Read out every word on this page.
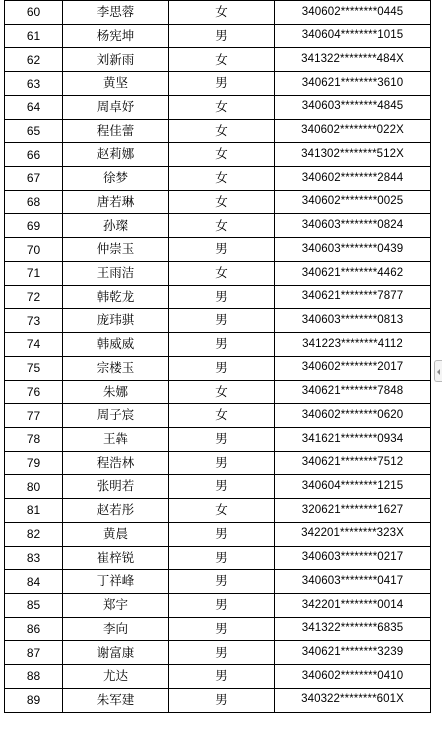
60	李思蓉	女	340602********0445
61	杨宪坤	男	340604********1015
62	刘新雨	女	341322********484X
63	黄坚	男	340621********3610
64	周卓妤	女	340603********4845
65	程佳蕾	女	340602********022X
66	赵莉娜	女	341302********512X
67	徐梦	女	340602********2844
68	唐若琳	女	340602********0025
69	孙璨	女	340603********0824
70	仲崇玉	男	340603********0439
71	王雨洁	女	340621********4462
72	韩乾龙	男	340621********7877
73	庞玮骐	男	340603********0813
74	韩威威	男	341223********4112
75	宗楼玉	男	340602********2017
76	朱娜	女	340621********7848
77	周子宸	女	340602********0620
78	王犇	男	341621********0934
79	程浩林	男	340621********7512
80	张明若	男	340604********1215
81	赵若彤	女	320621********1627
82	黄晨	男	342201********323X
83	崔梓锐	男	340603********0217
84	丁祥峰	男	340603********0417
85	郑宇	男	342201********0014
86	李向	男	341322********6835
87	谢富康	男	340621********3239
88	尤达	男	340602********0410
89	朱军建	男	340322********601X
